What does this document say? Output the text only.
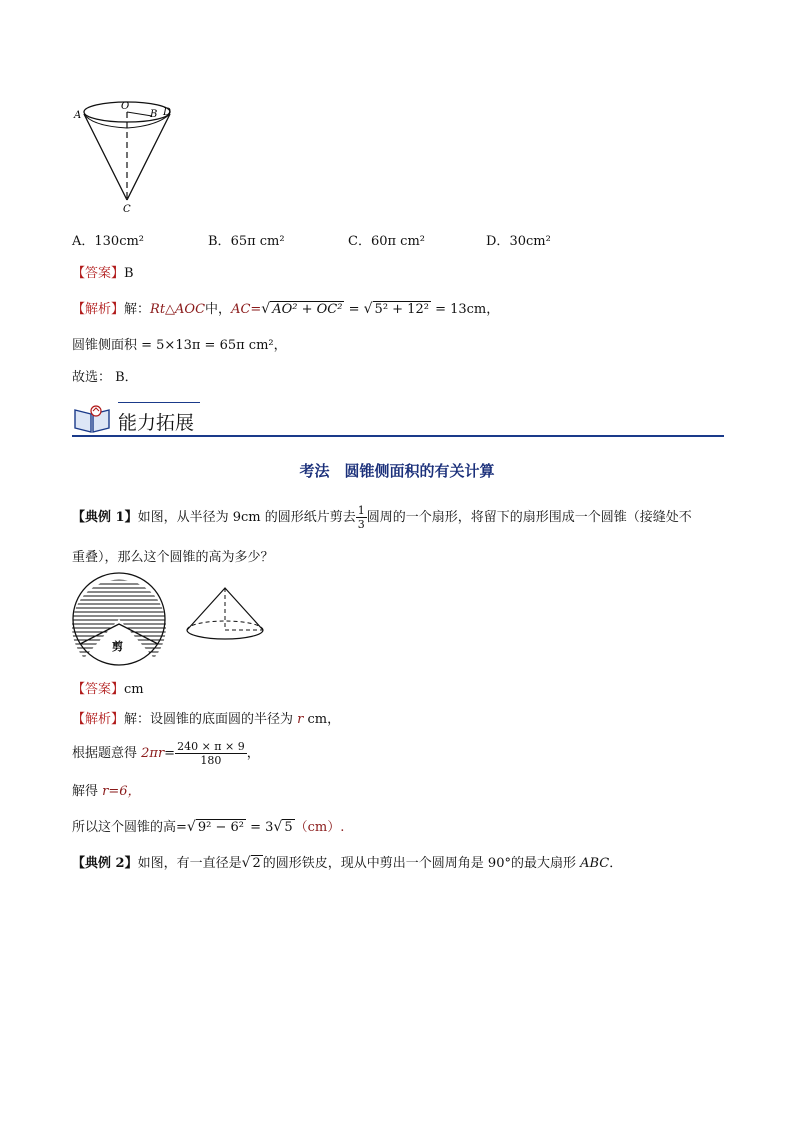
A
O
B D
C
A．130cm²	B．65π cm²	C．60π cm²	D．30cm²
【答案】B
【解析】解：Rt△AOC中，AC=√ AO² + OC² = √ 5² + 12² = 13cm，
圆锥侧面积 = 5×13π = 65π cm²，
故选： B．
能力拓展
考法　圆锥侧面积的有关计算
【典例 1】如图，从半径为 9cm 的圆形纸片剪去 $\frac{1}{3}$ 圆周的一个扇形，将留下的扇形围成一个圆锥（接缝处不
重叠），那么这个圆锥的高为多少？
剪
【答案】cm
【解析】解：设圆锥的底面圆的半径为 r cm，
根据题意得 $2\pi r= \frac{240 \times \pi \times 9}{180}$ ，
解得 r=6，
所以这个圆锥的高=√ 9² − 6² = 3√ 5 （cm）.
【典例 2】如图，有一直径是√ 2 的圆形铁皮，现从中剪出一个圆周角是 90°的最大扇形 ABC．
